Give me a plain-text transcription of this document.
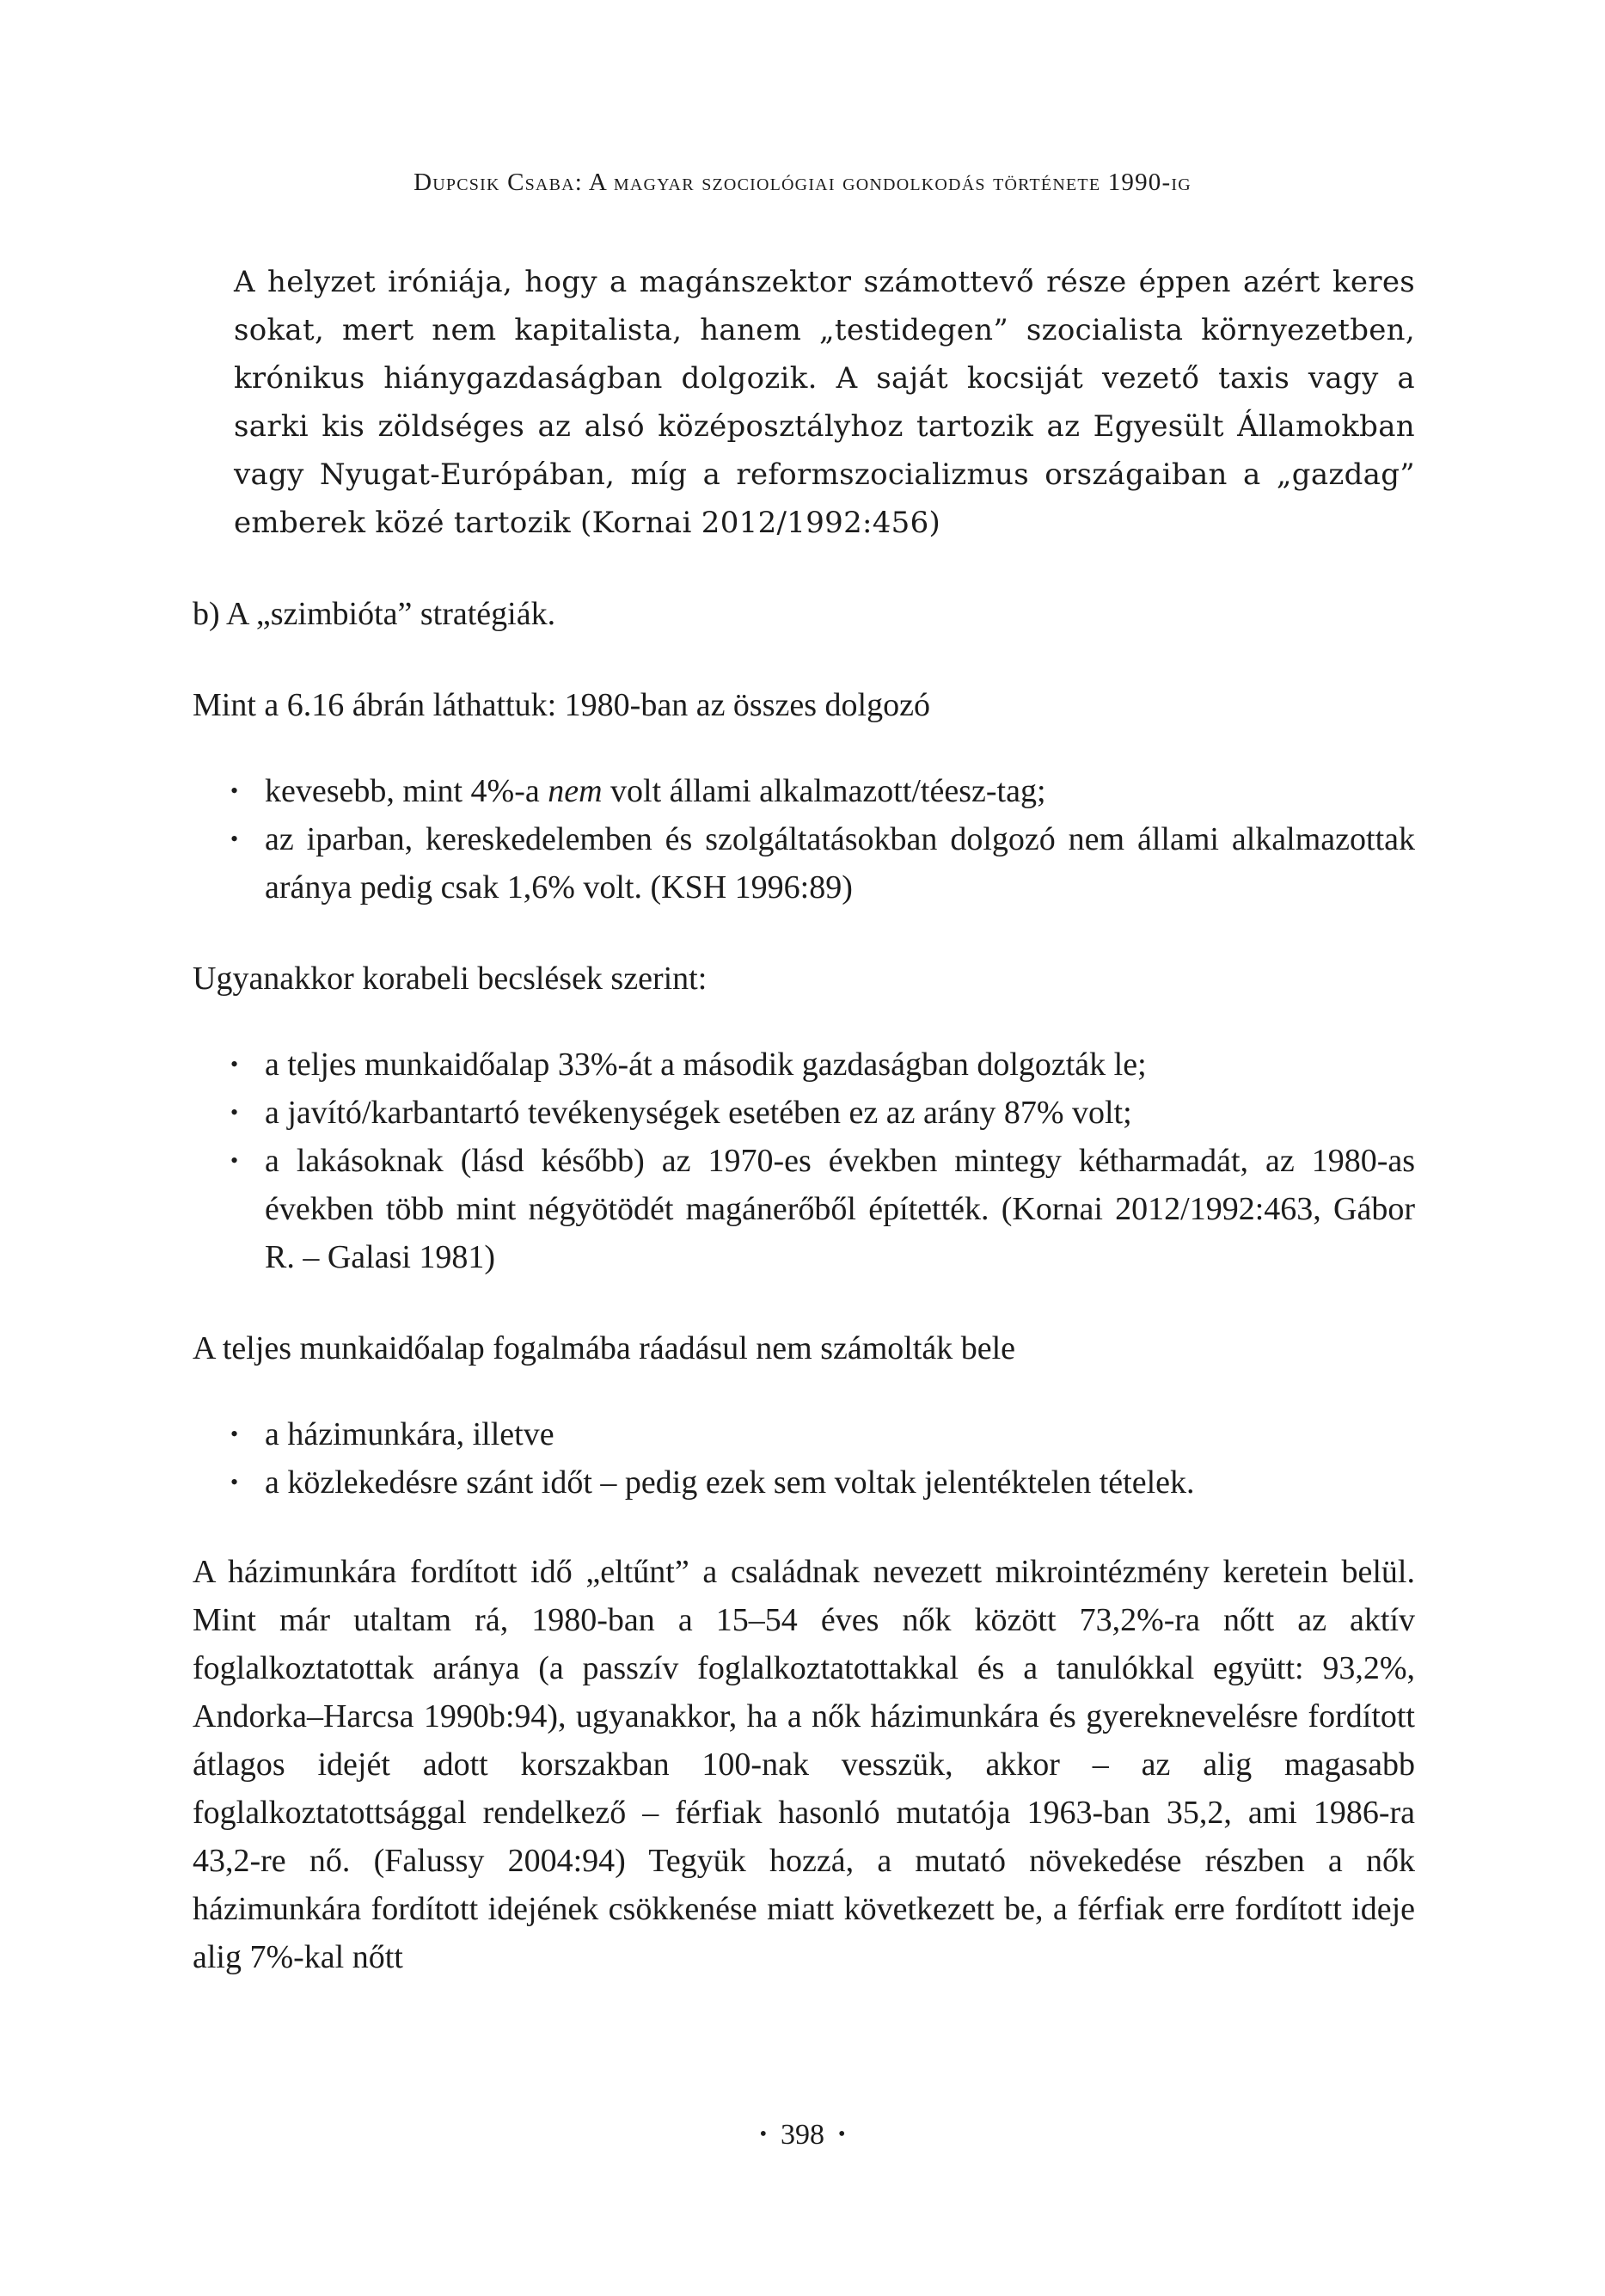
Dupcsik Csaba: A magyar szociológiai gondolkodás története 1990-ig

A helyzet iróniája, hogy a magánszektor számottevő része éppen azért keres sokat, mert nem kapitalista, hanem „testidegen” szocialista környezetben, krónikus hiánygazdaságban dolgozik. A saját kocsiját vezető taxis vagy a sarki kis zöldséges az alsó középosztályhoz tartozik az Egyesült Államokban vagy Nyugat-Európában, míg a reformszocializmus országaiban a „gazdag” emberek közé tartozik (Kornai 2012/1992:456)

b) A „szimbióta” stratégiák.

Mint a 6.16 ábrán láthattuk: 1980-ban az összes dolgozó

• kevesebb, mint 4%-a nem volt állami alkalmazott/téesz-tag;
• az iparban, kereskedelemben és szolgáltatásokban dolgozó nem állami alkalmazottak aránya pedig csak 1,6% volt. (KSH 1996:89)

Ugyanakkor korabeli becslések szerint:

• a teljes munkaidőalap 33%-át a második gazdaságban dolgozták le;
• a javító/karbantartó tevékenységek esetében ez az arány 87% volt;
• a lakásoknak (lásd később) az 1970-es években mintegy kétharmadát, az 1980-as években több mint négyötödét magánerőből építették. (Kornai 2012/1992:463, Gábor R. – Galasi 1981)

A teljes munkaidőalap fogalmába ráadásul nem számolták bele

• a házimunkára, illetve
• a közlekedésre szánt időt – pedig ezek sem voltak jelentéktelen tételek.

A házimunkára fordított idő „eltűnt” a családnak nevezett mikrointézmény keretein belül. Mint már utaltam rá, 1980-ban a 15–54 éves nők között 73,2%-ra nőtt az aktív foglalkoztatottak aránya (a passzív foglalkoztatottakkal és a tanulókkal együtt: 93,2%, Andorka–Harcsa 1990b:94), ugyanakkor, ha a nők házimunkára és gyereknevelésre fordított átlagos idejét adott korszakban 100-nak vesszük, akkor – az alig magasabb foglalkoztatottsággal rendelkező – férfiak hasonló mutatója 1963-ban 35,2, ami 1986-ra 43,2-re nő. (Falussy 2004:94) Tegyük hozzá, a mutató növekedése részben a nők házimunkára fordított idejének csökkenése miatt következett be, a férfiak erre fordított ideje alig 7%-kal nőtt

• 398 •
